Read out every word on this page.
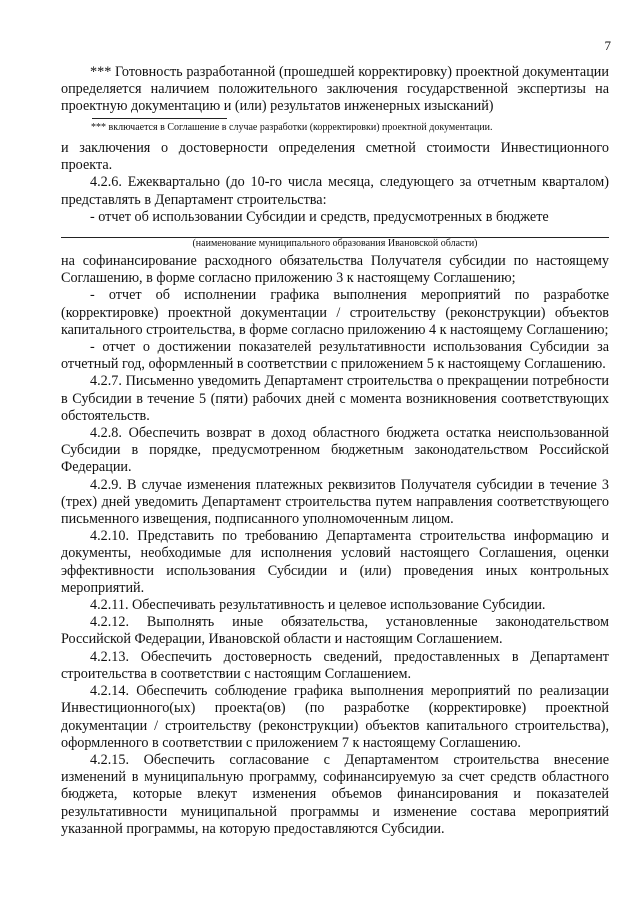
7

*** Готовность разработанной (прошедшей корректировку) проектной документации определяется наличием положительного заключения государственной экспертизы на проектную документацию и (или) результатов инженерных изысканий)

*** включается в Соглашение в случае разработки (корректировки) проектной документации.

и заключения о достоверности определения сметной стоимости Инвестиционного проекта.

4.2.6. Ежеквартально (до 10-го числа месяца, следующего за отчетным кварталом) представлять в Департамент строительства:

- отчет об использовании Субсидии и средств, предусмотренных в бюджете

(наименование муниципального образования Ивановской области)

на софинансирование расходного обязательства Получателя субсидии по настоящему Соглашению, в форме согласно приложению 3 к настоящему Соглашению;

- отчет об исполнении графика выполнения мероприятий по разработке (корректировке) проектной документации / строительству (реконструкции) объектов капитального строительства, в форме согласно приложению 4 к настоящему Соглашению;

- отчет о достижении показателей результативности использования Субсидии за отчетный год, оформленный в соответствии с приложением 5 к настоящему Соглашению.

4.2.7. Письменно уведомить Департамент строительства о прекращении потребности в Субсидии в течение 5 (пяти) рабочих дней с момента возникновения соответствующих обстоятельств.

4.2.8. Обеспечить возврат в доход областного бюджета остатка неиспользованной Субсидии в порядке, предусмотренном бюджетным законодательством Российской Федерации.

4.2.9. В случае изменения платежных реквизитов Получателя субсидии в течение 3 (трех) дней уведомить Департамент строительства путем направления соответствующего письменного извещения, подписанного уполномоченным лицом.

4.2.10. Представить по требованию Департамента строительства информацию и документы, необходимые для исполнения условий настоящего Соглашения, оценки эффективности использования Субсидии и (или) проведения иных контрольных мероприятий.

4.2.11. Обеспечивать результативность и целевое использование Субсидии.

4.2.12. Выполнять иные обязательства, установленные законодательством Российской Федерации, Ивановской области и настоящим Соглашением.

4.2.13. Обеспечить достоверность сведений, предоставленных в Департамент строительства в соответствии с настоящим Соглашением.

4.2.14. Обеспечить соблюдение графика выполнения мероприятий по реализации Инвестиционного(ых) проекта(ов) (по разработке (корректировке) проектной документации / строительству (реконструкции) объектов капитального строительства), оформленного в соответствии с приложением 7 к настоящему Соглашению.

4.2.15. Обеспечить согласование с Департаментом строительства внесение изменений в муниципальную программу, софинансируемую за счет средств областного бюджета, которые влекут изменения объемов финансирования и показателей результативности муниципальной программы и изменение состава мероприятий указанной программы, на которую предоставляются Субсидии.
